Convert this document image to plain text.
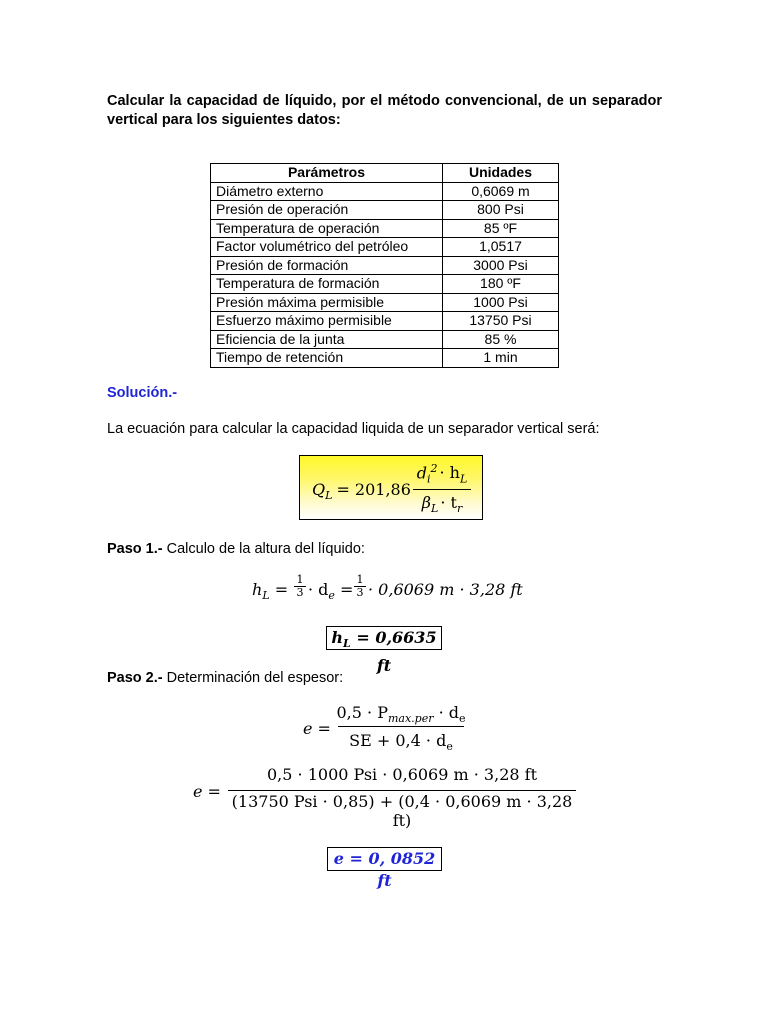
Calcular la capacidad de líquido, por el método convencional, de un separador vertical para los siguientes datos:
Parámetros	Unidades
Diámetro externo	0,6069 m
Presión de operación	800 Psi
Temperatura de operación	85 ºF
Factor volumétrico del petróleo	1,0517
Presión de formación	3000 Psi
Temperatura de formación	180 ºF
Presión máxima permisible	1000 Psi
Esfuerzo máximo permisible	13750 Psi
Eficiencia de la junta	85 %
Tiempo de retención	1 min
Solución.-
La ecuación para calcular la capacidad liquida de un separador vertical será:
$Q_L = 201,86$
$d_i^2 \cdot h_L$
$\beta_L \cdot t_r$
Paso 1.- Calculo de la altura del líquido:
$h_L = \frac{1}{3} \cdot d_e = \frac{1}{3} \cdot 0,6069$ m · 3,28 ft
$h_L = 0,6635$ ft
Paso 2.- Determinación del espesor:
e =
$0,5 \cdot P_{max.per} \cdot d_e$
SE + $0,4 \cdot d_e$
e =
0,5 · 1000 Psi · 0,6069 m · 3,28 ft
(13750 Psi · 0,85) + (0,4 · 0,6069 m · 3,28 ft)
e = 0, 0852 ft
